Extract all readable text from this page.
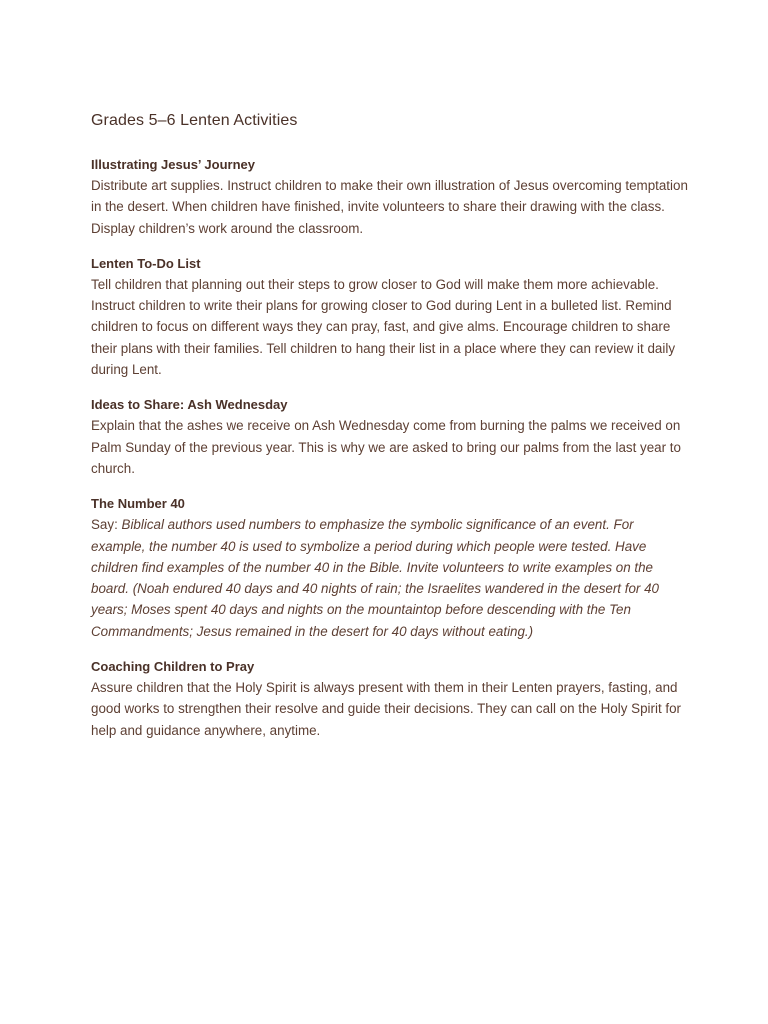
Grades 5–6 Lenten Activities
Illustrating Jesus’ Journey

Distribute art supplies. Instruct children to make their own illustration of Jesus overcoming temptation in the desert. When children have finished, invite volunteers to share their drawing with the class. Display children’s work around the classroom.

Lenten To-Do List

Tell children that planning out their steps to grow closer to God will make them more achievable. Instruct children to write their plans for growing closer to God during Lent in a bulleted list. Remind children to focus on different ways they can pray, fast, and give alms. Encourage children to share their plans with their families. Tell children to hang their list in a place where they can review it daily during Lent.

Ideas to Share: Ash Wednesday

Explain that the ashes we receive on Ash Wednesday come from burning the palms we received on Palm Sunday of the previous year. This is why we are asked to bring our palms from the last year to church.

The Number 40

Say: Biblical authors used numbers to emphasize the symbolic significance of an event. For example, the number 40 is used to symbolize a period during which people were tested. Have children find examples of the number 40 in the Bible. Invite volunteers to write examples on the board. (Noah endured 40 days and 40 nights of rain; the Israelites wandered in the desert for 40 years; Moses spent 40 days and nights on the mountaintop before descending with the Ten Commandments; Jesus remained in the desert for 40 days without eating.)

Coaching Children to Pray

Assure children that the Holy Spirit is always present with them in their Lenten prayers, fasting, and good works to strengthen their resolve and guide their decisions. They can call on the Holy Spirit for help and guidance anywhere, anytime.
